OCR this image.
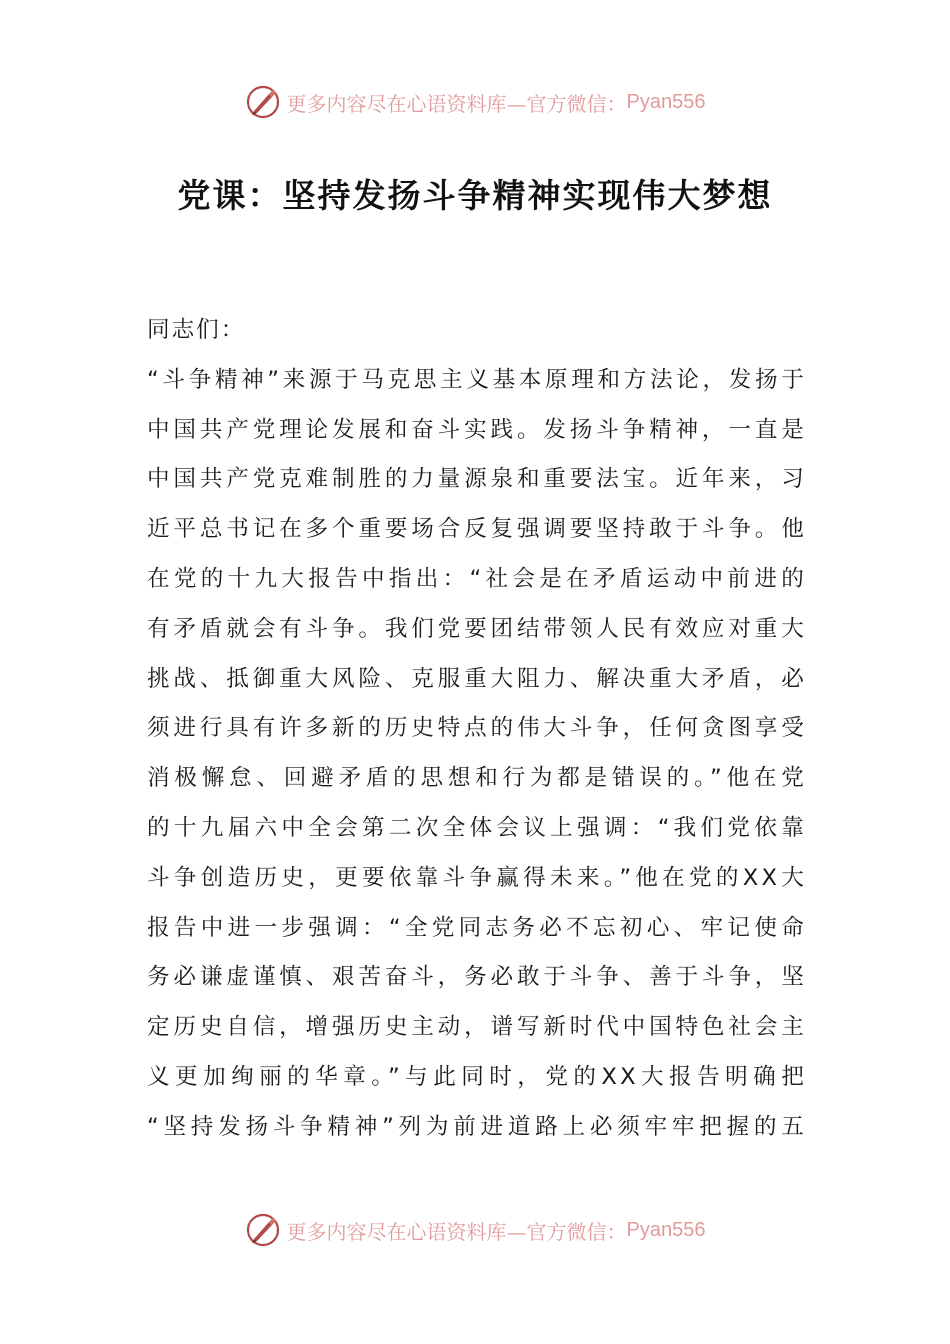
更多内容尽在心语资料库—官方微信： Pyan556
党课：坚持发扬斗争精神实现伟大梦想
同志们：
“斗争精神”来源于马克思主义基本原理和方法论，发扬于
中国共产党理论发展和奋斗实践。发扬斗争精神，一直是
中国共产党克难制胜的力量源泉和重要法宝。近年来，习
近平总书记在多个重要场合反复强调要坚持敢于斗争。他
在党的十九大报告中指出：“社会是在矛盾运动中前进的
有矛盾就会有斗争。我们党要团结带领人民有效应对重大
挑战、抵御重大风险、克服重大阻力、解决重大矛盾，必
须进行具有许多新的历史特点的伟大斗争，任何贪图享受
消极懈怠、回避矛盾的思想和行为都是错误的。”他在党
的十九届六中全会第二次全体会议上强调：“我们党依靠
斗争创造历史，更要依靠斗争赢得未来。”他在党的XX大
报告中进一步强调：“全党同志务必不忘初心、牢记使命
务必谦虚谨慎、艰苦奋斗，务必敢于斗争、善于斗争，坚
定历史自信，增强历史主动，谱写新时代中国特色社会主
义更加绚丽的华章。”与此同时，党的XX大报告明确把
“坚持发扬斗争精神”列为前进道路上必须牢牢把握的五
更多内容尽在心语资料库—官方微信： Pyan556
